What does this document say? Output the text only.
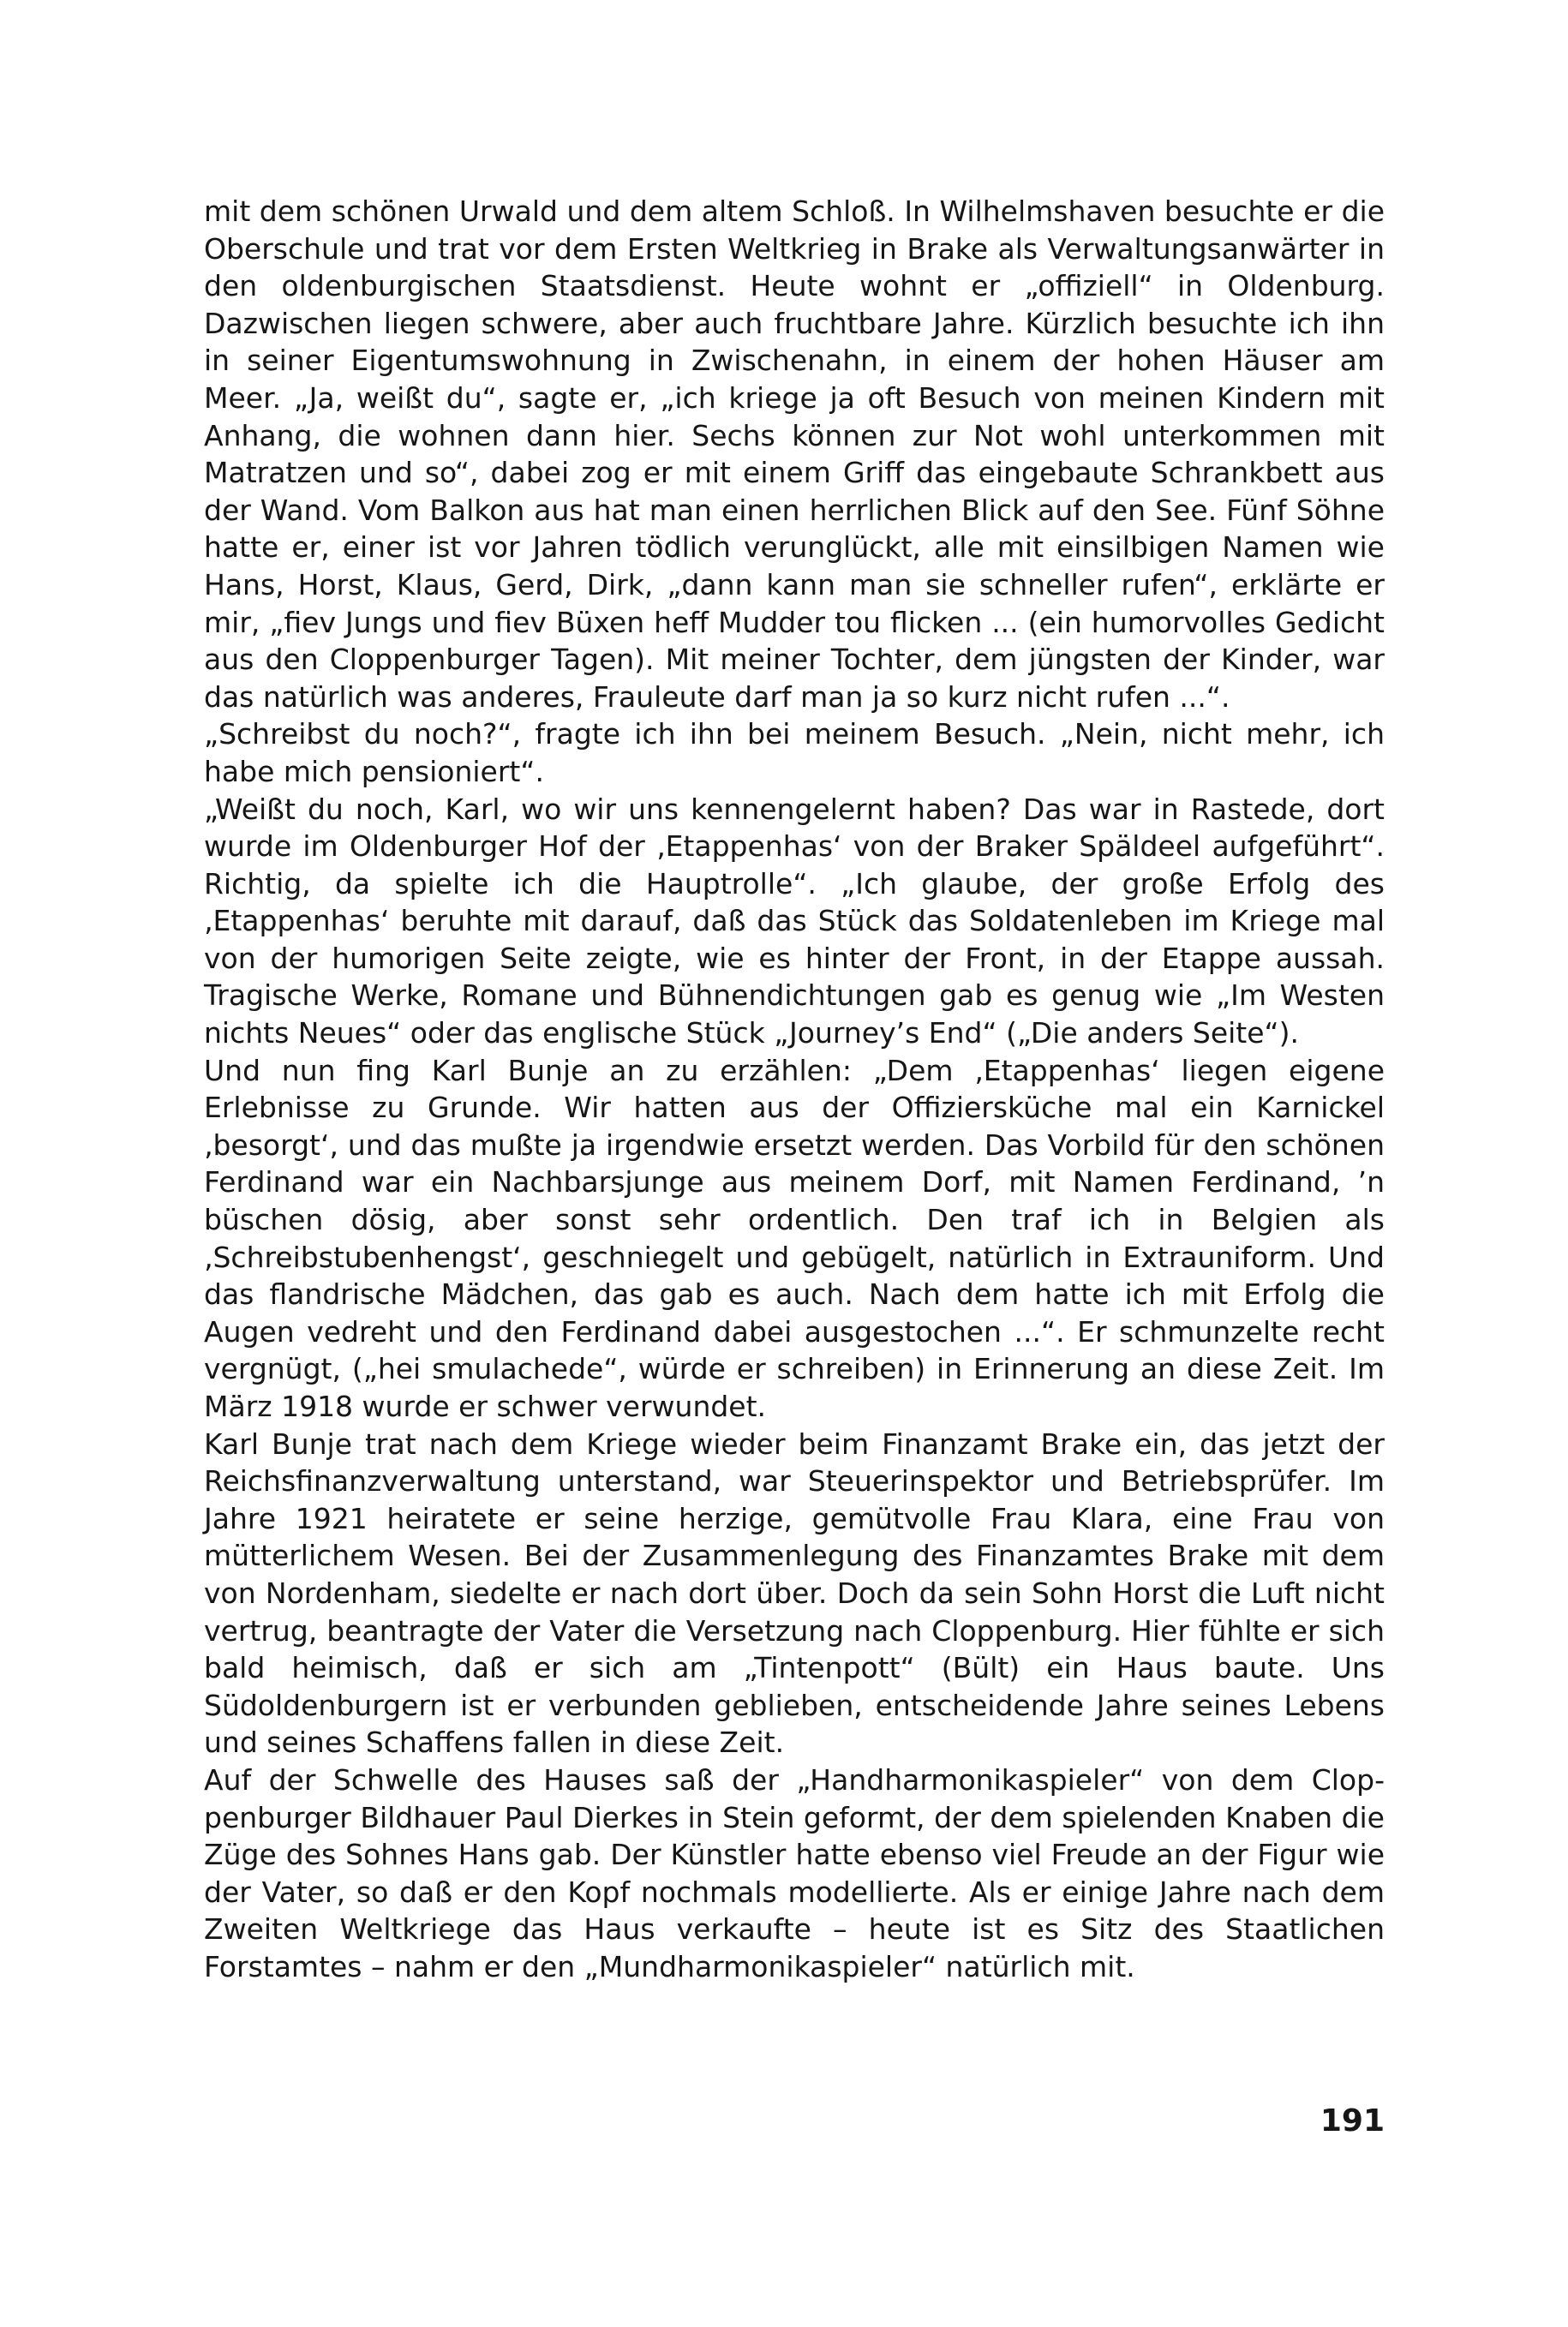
mit dem schönen Urwald und dem altem Schloß. In Wilhelmshaven besuchte er die Oberschule und trat vor dem Ersten Weltkrieg in Brake als Verwaltungsanwärter in den oldenburgischen Staatsdienst. Heute wohnt er „offiziell“ in Oldenburg. Dazwischen liegen schwere, aber auch fruchtbare Jahre. Kürzlich besuchte ich ihn in seiner Eigentumswohnung in Zwischenahn, in einem der hohen Häuser am Meer. „Ja, weißt du“, sagte er, „ich kriege ja oft Besuch von meinen Kindern mit Anhang, die wohnen dann hier. Sechs können zur Not wohl unterkommen mit Matratzen und so“, dabei zog er mit einem Griff das eingebaute Schrankbett aus der Wand. Vom Balkon aus hat man einen herrlichen Blick auf den See. Fünf Söhne hatte er, einer ist vor Jahren tödlich verunglückt, alle mit einsilbigen Namen wie Hans, Horst, Klaus, Gerd, Dirk, „dann kann man sie schneller rufen“, erklärte er mir, „fiev Jungs und fiev Büxen heff Mudder tou flicken ... (ein humorvolles Gedicht aus den Cloppenburger Tagen). Mit meiner Tochter, dem jüngsten der Kinder, war das natürlich was anderes, Frauleute darf man ja so kurz nicht rufen ...“.

„Schreibst du noch?“, fragte ich ihn bei meinem Besuch. „Nein, nicht mehr, ich habe mich pensioniert“.

„Weißt du noch, Karl, wo wir uns kennengelernt haben? Das war in Rastede, dort wurde im Oldenburger Hof der ‚Etappenhas‘ von der Braker Späldeel aufgeführt“. Richtig, da spielte ich die Hauptrolle“. „Ich glaube, der große Erfolg des ‚Etappenhas‘ beruhte mit darauf, daß das Stück das Soldatenleben im Kriege mal von der humorigen Seite zeigte, wie es hinter der Front, in der Etappe aussah. Tragische Werke, Romane und Bühnendichtungen gab es genug wie „Im Westen nichts Neues“ oder das englische Stück „Journey’s End“ („Die anders Seite“).

Und nun fing Karl Bunje an zu erzählen: „Dem ‚Etappenhas‘ liegen eigene Erlebnisse zu Grunde. Wir hatten aus der Offiziersküche mal ein Karnickel ‚besorgt‘, und das mußte ja irgendwie ersetzt werden. Das Vorbild für den schönen Ferdinand war ein Nachbarsjunge aus meinem Dorf, mit Namen Ferdinand, ’n büschen dösig, aber sonst sehr ordentlich. Den traf ich in Belgien als ‚Schreibstubenhengst‘, geschniegelt und gebügelt, natürlich in Extrauniform. Und das flandrische Mädchen, das gab es auch. Nach dem hatte ich mit Erfolg die Augen vedreht und den Ferdinand dabei ausgestochen ...“. Er schmunzelte recht vergnügt, („hei smulachede“, würde er schreiben) in Erinnerung an diese Zeit. Im März 1918 wurde er schwer verwundet.

Karl Bunje trat nach dem Kriege wieder beim Finanzamt Brake ein, das jetzt der Reichsfinanzverwaltung unterstand, war Steuerinspektor und Betriebsprüfer. Im Jahre 1921 heiratete er seine herzige, gemütvolle Frau Klara, eine Frau von mütterlichem Wesen. Bei der Zusammenlegung des Finanzamtes Brake mit dem von Nordenham, siedelte er nach dort über. Doch da sein Sohn Horst die Luft nicht vertrug, beantragte der Vater die Versetzung nach Cloppenburg. Hier fühlte er sich bald heimisch, daß er sich am „Tintenpott“ (Bült) ein Haus baute. Uns Südoldenburgern ist er verbunden geblieben, entscheidende Jahre seines Lebens und seines Schaffens fallen in diese Zeit.

Auf der Schwelle des Hauses saß der „Handharmonikaspieler“ von dem Cloppenburger Bildhauer Paul Dierkes in Stein geformt, der dem spielenden Knaben die Züge des Sohnes Hans gab. Der Künstler hatte ebenso viel Freude an der Figur wie der Vater, so daß er den Kopf nochmals modellierte. Als er einige Jahre nach dem Zweiten Weltkriege das Haus verkaufte – heute ist es Sitz des Staatlichen Forstamtes – nahm er den „Mundharmonikaspieler“ natürlich mit.

191
